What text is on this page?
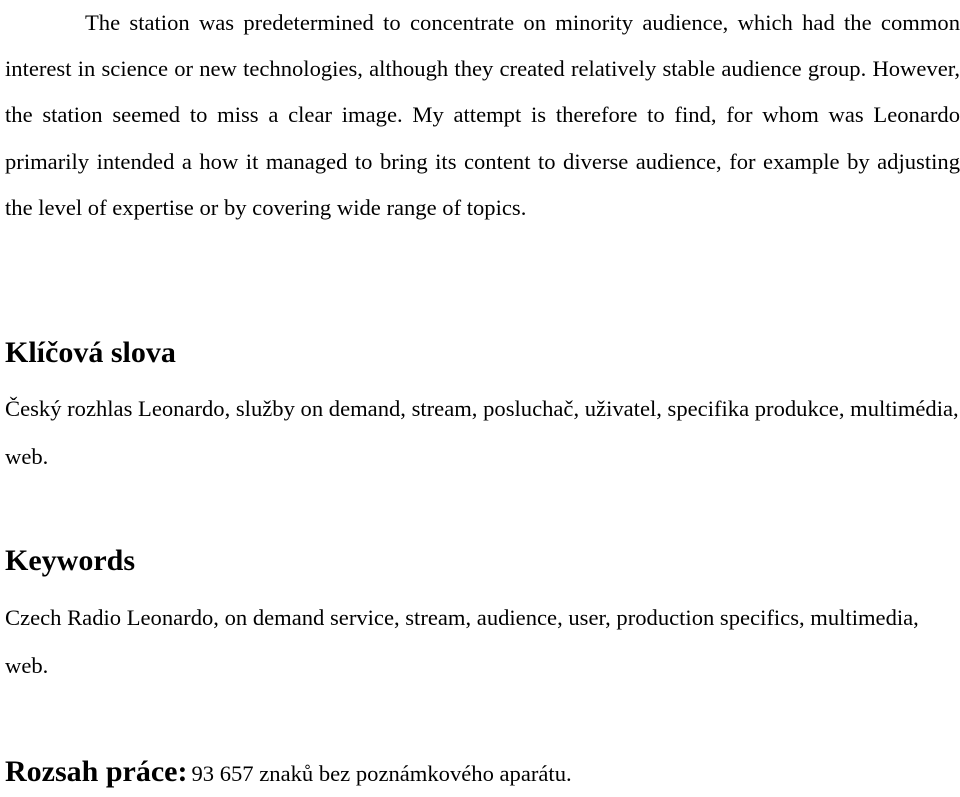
The station was predetermined to concentrate on minority audience, which had the common interest in science or new technologies, although they created relatively stable audience group. However, the station seemed to miss a clear image. My attempt is therefore to find, for whom was Leonardo primarily intended a how it managed to bring its content to diverse audience, for example by adjusting the level of expertise or by covering wide range of topics.

Klíčová slova

Český rozhlas Leonardo, služby on demand, stream, posluchač, uživatel, specifika produkce, multimédia, web.

Keywords

Czech Radio Leonardo, on demand service, stream, audience, user, production specifics, multimedia, web.

Rozsah práce: 93 657 znaků bez poznámkového aparátu.
